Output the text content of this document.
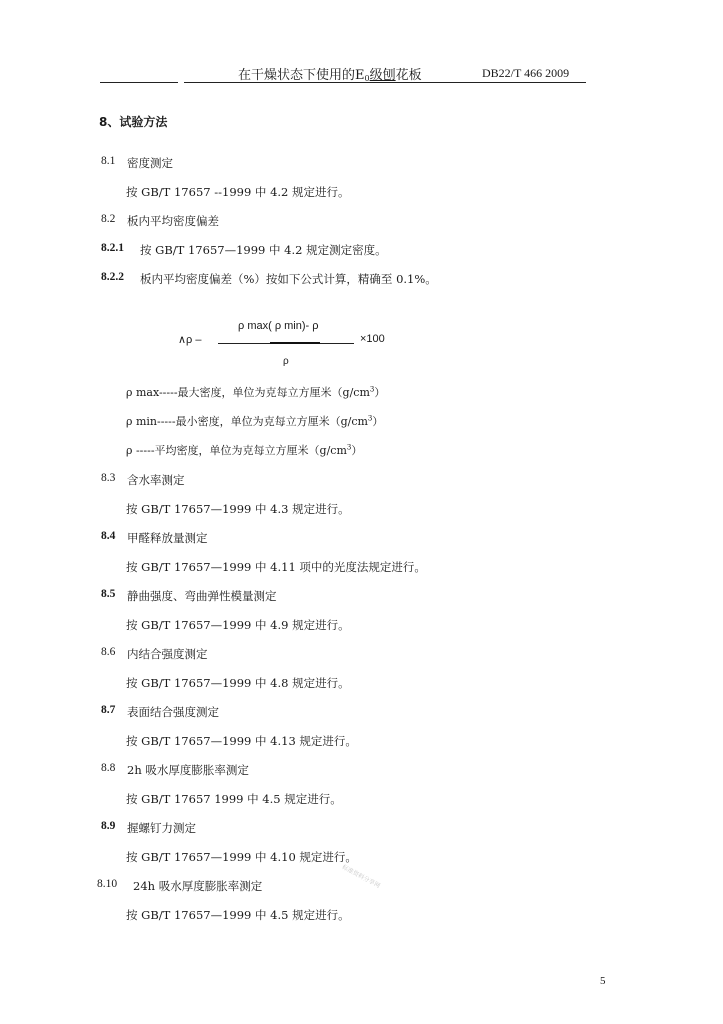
在干燥状态下使用的$E_0$级刨花板	DB22/T 466 2009
8、试验方法
8.1 密度测定
按 GB/T 17657 --1999 中 4.2 规定进行。
8.2 板内平均密度偏差
8.2.1 按 GB/T 17657—1999 中 4.2 规定测定密度。
8.2.2 板内平均密度偏差（%）按如下公式计算，精确至 0.1%。
ρ max( ρ min)- ρ
∧ρ –	×100
ρ
ρ max-----最大密度，单位为克每立方厘米$(g/cm^3)$
ρ min-----最小密度，单位为克每立方厘米$(g/cm^3)$
ρ -----平均密度，单位为克每立方厘米$(g/cm^3)$
8.3 含水率测定
按 GB/T 17657—1999 中 4.3 规定进行。
8.4 甲醛释放量测定
按 GB/T 17657—1999 中 4.11 项中的光度法规定进行。
8.5 静曲强度、弯曲弹性模量测定
按 GB/T 17657—1999 中 4.9 规定进行。
8.6 内结合强度测定
按 GB/T 17657—1999 中 4.8 规定进行。
8.7 表面结合强度测定
按 GB/T 17657—1999 中 4.13 规定进行。
8.8 2h 吸水厚度膨胀率测定
按 GB/T 17657 1999 中 4.5 规定进行。
8.9 握螺钉力测定
按 GB/T 17657—1999 中 4.10 规定进行。
8.10 24h 吸水厚度膨胀率测定
按 GB/T 17657—1999 中 4.5 规定进行。
标准资料分享网
5
